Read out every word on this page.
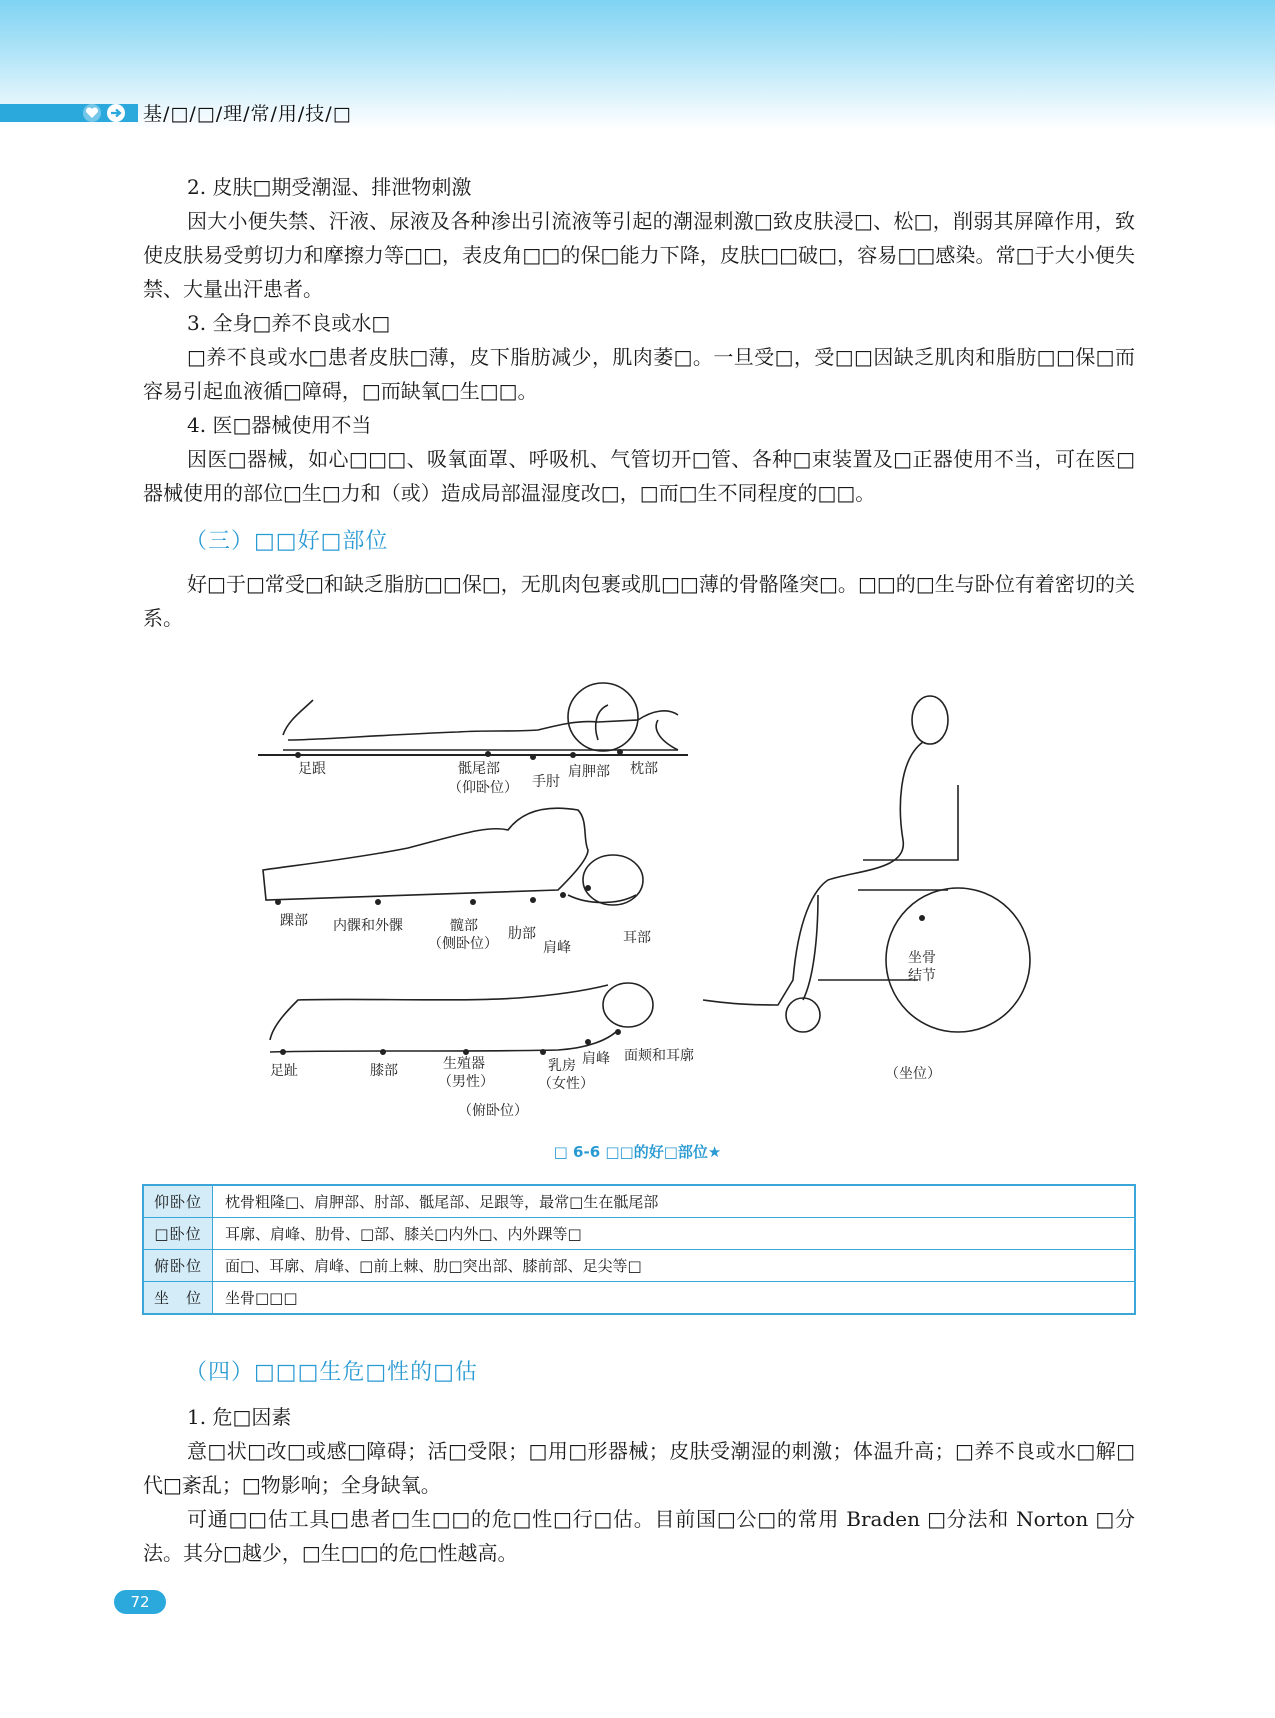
基/□/□/理/常/用/技/□

2. 皮肤□期受潮湿、排泄物刺激

因大小便失禁、汗液、尿液及各种渗出引流液等引起的潮湿刺激□致皮肤浸□、松□，削弱其屏障作用，致使皮肤易受剪切力和摩擦力等□□，表皮角□□的保□能力下降，皮肤□□破□，容易□□感染。常□于大小便失禁、大量出汗患者。

3. 全身□养不良或水□

□养不良或水□患者皮肤□薄，皮下脂肪减少，肌肉萎□。一旦受□，受□□因缺乏肌肉和脂肪□□保□而容易引起血液循□障碍，□而缺氧□生□□。

4. 医□器械使用不当

因医□器械，如心□□□、吸氧面罩、呼吸机、气管切开□管、各种□束装置及□正器使用不当，可在医□器械使用的部位□生□力和（或）造成局部温湿度改□，□而□生不同程度的□□。

（三）□□好□部位

好□于□常受□和缺乏脂肪□□保□，无肌肉包裹或肌□□薄的骨骼隆突□。□□的□生与卧位有着密切的关系。

足跟	骶尾部
（仰卧位） 手肘
肩胛部 枕部
踝部 内髁和外髁	髋部
（侧卧位）
肋部
肩峰
耳部
足趾	膝部	生殖器
（男性）
乳房
（女性）
肩峰 面颊和耳廓
（俯卧位）
坐骨
结节
（坐位）
□ 6-6 □□的好□部位★
仰卧位	枕骨粗隆□、肩胛部、肘部、骶尾部、足跟等，最常□生在骶尾部
□卧位	耳廓、肩峰、肋骨、□部、膝关□内外□、内外踝等□
俯卧位	面□、耳廓、肩峰、□前上棘、肋□突出部、膝前部、足尖等□
坐　位	坐骨□□□
（四）□□□生危□性的□估

1. 危□因素

意□状□改□或感□障碍；活□受限；□用□形器械；皮肤受潮湿的刺激；体温升高；□养不良或水□解□代□紊乱；□物影响；全身缺氧。

可通□□估工具□患者□生□□的危□性□行□估。目前国□公□的常用 Braden □分法和 Norton □分法。其分□越少，□生□□的危□性越高。

72
